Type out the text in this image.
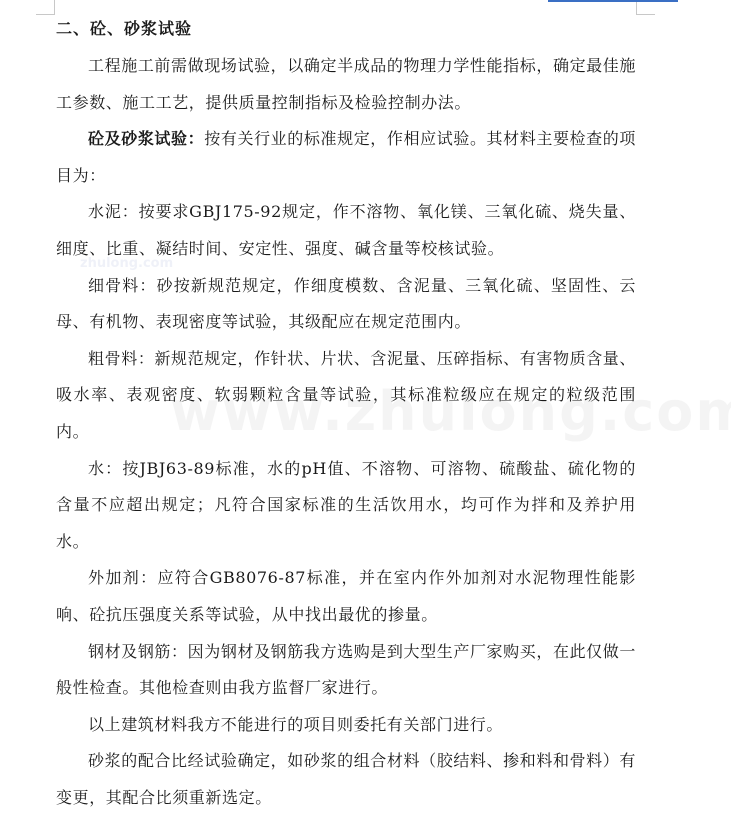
zhulong.com
二、砼、砂浆试验

工程施工前需做现场试验，以确定半成品的物理力学性能指标，确定最佳施工参数、施工工艺，提供质量控制指标及检验控制办法。

砼及砂浆试验：按有关行业的标准规定，作相应试验。其材料主要检查的项目为：

水泥：按要求GBJ175-92规定，作不溶物、氧化镁、三氧化硫、烧失量、细度、比重、凝结时间、安定性、强度、碱含量等校核试验。

细骨料：砂按新规范规定，作细度模数、含泥量、三氧化硫、坚固性、云母、有机物、表现密度等试验，其级配应在规定范围内。

粗骨料：新规范规定，作针状、片状、含泥量、压碎指标、有害物质含量、吸水率、表观密度、软弱颗粒含量等试验，其标准粒级应在规定的粒级范围内。

水：按JBJ63-89标准，水的pH值、不溶物、可溶物、硫酸盐、硫化物的含量不应超出规定；凡符合国家标准的生活饮用水，均可作为拌和及养护用水。

外加剂：应符合GB8076-87标准，并在室内作外加剂对水泥物理性能影响、砼抗压强度关系等试验，从中找出最优的掺量。

钢材及钢筋：因为钢材及钢筋我方选购是到大型生产厂家购买，在此仅做一般性检查。其他检查则由我方监督厂家进行。

以上建筑材料我方不能进行的项目则委托有关部门进行。

砂浆的配合比经试验确定，如砂浆的组合材料（胶结料、掺和料和骨料）有变更，其配合比须重新选定。
